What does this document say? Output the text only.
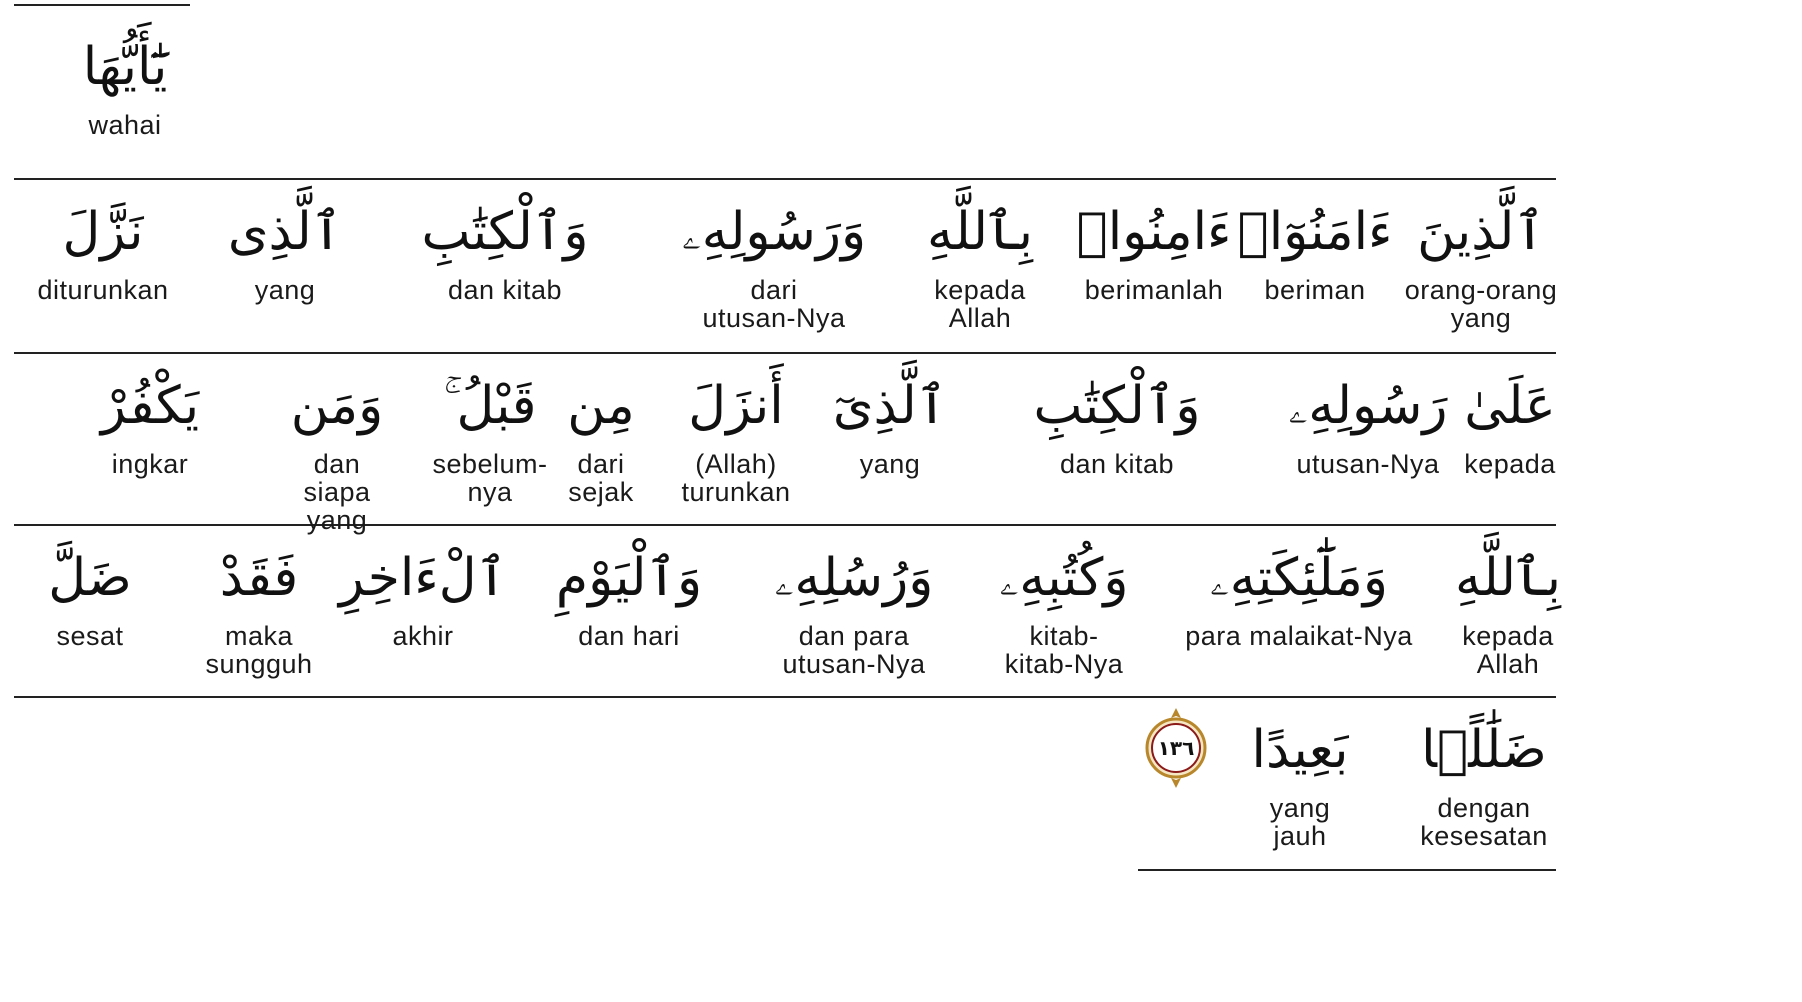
يَٰٓأَيُّهَا
wahai
ٱلَّذِينَ
orang-orang
yang
ءَامَنُوٓا۟
beriman
ءَامِنُوا۟
berimanlah
بِٱللَّهِ
kepada
Allah
وَرَسُولِهِۦ
dari
utusan-Nya
وَٱلْكِتَٰبِ
dan kitab
ٱلَّذِى
yang
نَزَّلَ
diturunkan
عَلَىٰ
kepada
رَسُولِهِۦ
utusan-Nya
وَٱلْكِتَٰبِ
dan kitab
ٱلَّذِىٓ
yang
أَنزَلَ
(Allah)
turunkan
مِن
dari
sejak
قَبْلُ ۚ
sebelum-
nya
وَمَن
dan
siapa
yang
يَكْفُرْ
ingkar
بِٱللَّهِ
kepada
Allah
وَمَلَٰٓئِكَتِهِۦ
para malaikat-Nya
وَكُتُبِهِۦ
kitab-
kitab-Nya
وَرُسُلِهِۦ
dan para
utusan-Nya
وَٱلْيَوْمِ
dan hari
ٱلْءَاخِرِ
akhir
فَقَدْ
maka
sungguh
ضَلَّ
sesat
ضَلَٰلًۢا
dengan
kesesatan
بَعِيدًا
yang
jauh
١٣٦
